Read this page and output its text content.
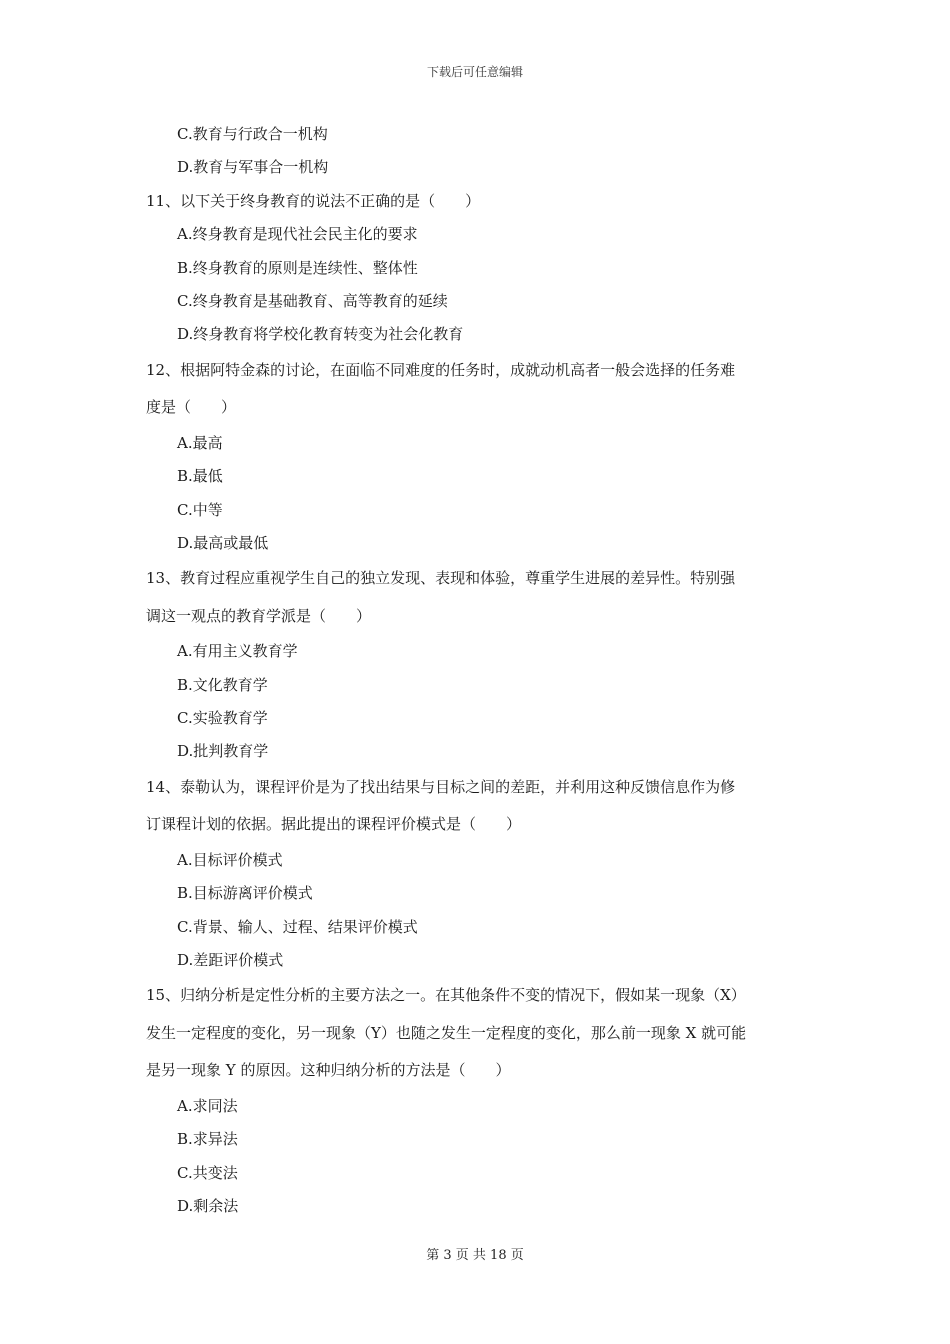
下载后可任意编辑
C.教育与行政合一机构
D.教育与军事合一机构
11、以下关于终身教育的说法不正确的是（　　）
A.终身教育是现代社会民主化的要求
B.终身教育的原则是连续性、整体性
C.终身教育是基础教育、高等教育的延续
D.终身教育将学校化教育转变为社会化教育
12、根据阿特金森的讨论，在面临不同难度的任务时，成就动机高者一般会选择的任务难
度是（　　）
A.最高
B.最低
C.中等
D.最高或最低
13、教育过程应重视学生自己的独立发现、表现和体验，尊重学生进展的差异性。特别强
调这一观点的教育学派是（　　）
A.有用主义教育学
B.文化教育学
C.实验教育学
D.批判教育学
14、泰勒认为，课程评价是为了找出结果与目标之间的差距，并利用这种反馈信息作为修
订课程计划的依据。据此提出的课程评价模式是（　　）
A.目标评价模式
B.目标游离评价模式
C.背景、输人、过程、结果评价模式
D.差距评价模式
15、归纳分析是定性分析的主要方法之一。在其他条件不变的情况下，假如某一现象（X）
发生一定程度的变化，另一现象（Y）也随之发生一定程度的变化，那么前一现象 X 就可能
是另一现象 Y 的原因。这种归纳分析的方法是（　　）
A.求同法
B.求异法
C.共变法
D.剩余法
第 3 页 共 18 页
